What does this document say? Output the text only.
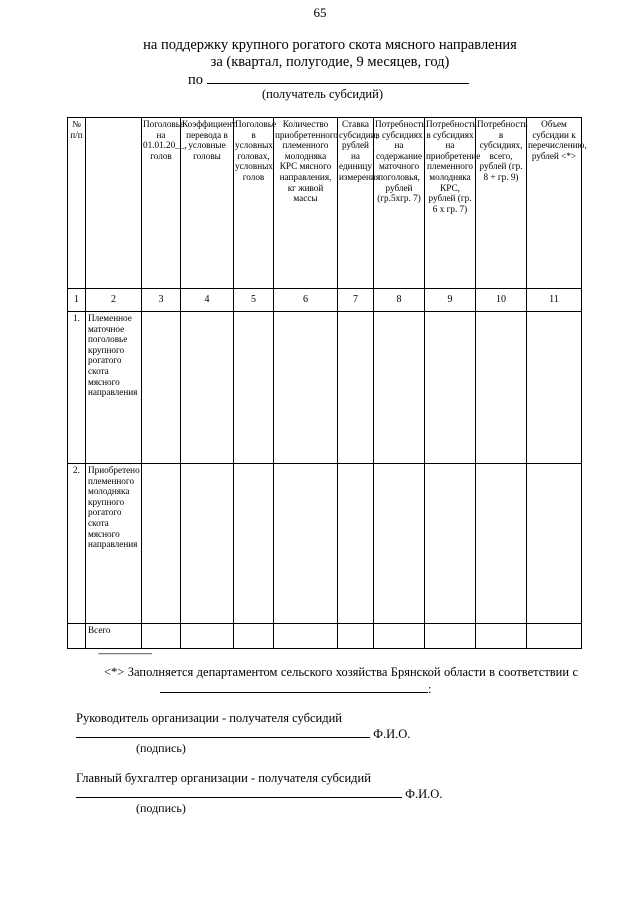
65
на поддержку крупного рогатого скота мясного направления
за (квартал, полугодие, 9 месяцев, год)
по
(получатель субсидий)
№ п/п		Поголовье на 01.01.20__, голов	Коэффициент перевода в условные головы	Поголовье в условных головах, условных голов	Количество приобретенного племенного молодняка КРС мясного направления, кг живой массы	Ставка субсидии, рублей на единицу измерения	Потребность в субсидиях на содержание маточного поголовья, рублей (гр.5хгр. 7)	Потребность в субсидиях на приобретение племенного молодняка КРС, рублей (гр. 6 х гр. 7)	Потребность в субсидиях, всего, рублей (гр. 8 + гр. 9)	Объем субсидии к перечислению, рублей <*>
1	2	3	4	5	6	7	8	9	10	11
1.	Племенное маточное поголовье крупного рогатого скота мясного направления									
2.	Приобретено племенного молодняка крупного рогатого скота мясного направления									
	Всего									
--------------------------------
<*> Заполняется департаментом сельского хозяйства Брянской области в соответствии с
:
Руководитель организации - получателя субсидий
Ф.И.О.
(подпись)
Главный бухгалтер организации - получателя субсидий
Ф.И.О.
(подпись)
